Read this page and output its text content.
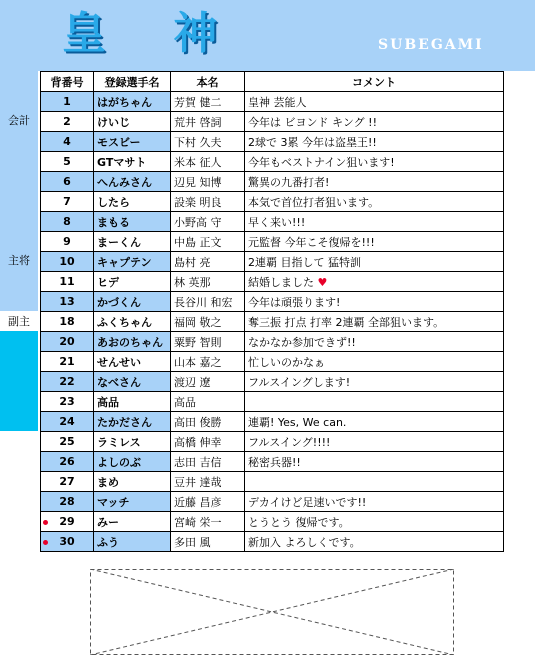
皇 神	SUBEGAMI
会計
主将
副主
背番号	登録選手名	本名	コメント
1	はがちゃん	芳賀 健二	皇神 芸能人
2	けいじ	荒井 啓詞	今年は ビヨンド キング !!
4	モスビー	下村 久夫	2球で 3累 今年は盗塁王!!
5	GTマサト	米本 征人	今年もベストナイン狙います!
6	へんみさん	辺見 知博	驚異の九番打者!
7	したら	設楽 明良	本気で首位打者狙います。
8	まもる	小野高 守	早く来い!!!
9	まーくん	中島 正文	元監督 今年こそ復帰を!!!
10	キャプテン	島村 亮	2連覇 目指して 猛特訓
11	ヒデ	林 英那	結婚しました ♥
13	かづくん	長谷川 和宏	今年は頑張ります!
18	ふくちゃん	福岡 敬之	奪三振 打点 打率 2連覇 全部狙います。
20	あおのちゃん	粟野 智則	なかなか参加できず!!
21	せんせい	山本 嘉之	忙しいのかなぁ
22	なべさん	渡辺 遼	フルスイングします!
23	高品	高品	
24	たかださん	高田 俊勝	連覇! Yes, We can.
25	ラミレス	高橋 伸幸	フルスイング!!!!
26	よしのぶ	志田 吉信	秘密兵器!!
27	まめ	豆井 達哉	
28	マッチ	近藤 昌彦	デカイけど足速いです!!
29	みー	宮崎 栄一	とうとう 復帰です。
30	ふう	多田 風	新加入 よろしくです。
